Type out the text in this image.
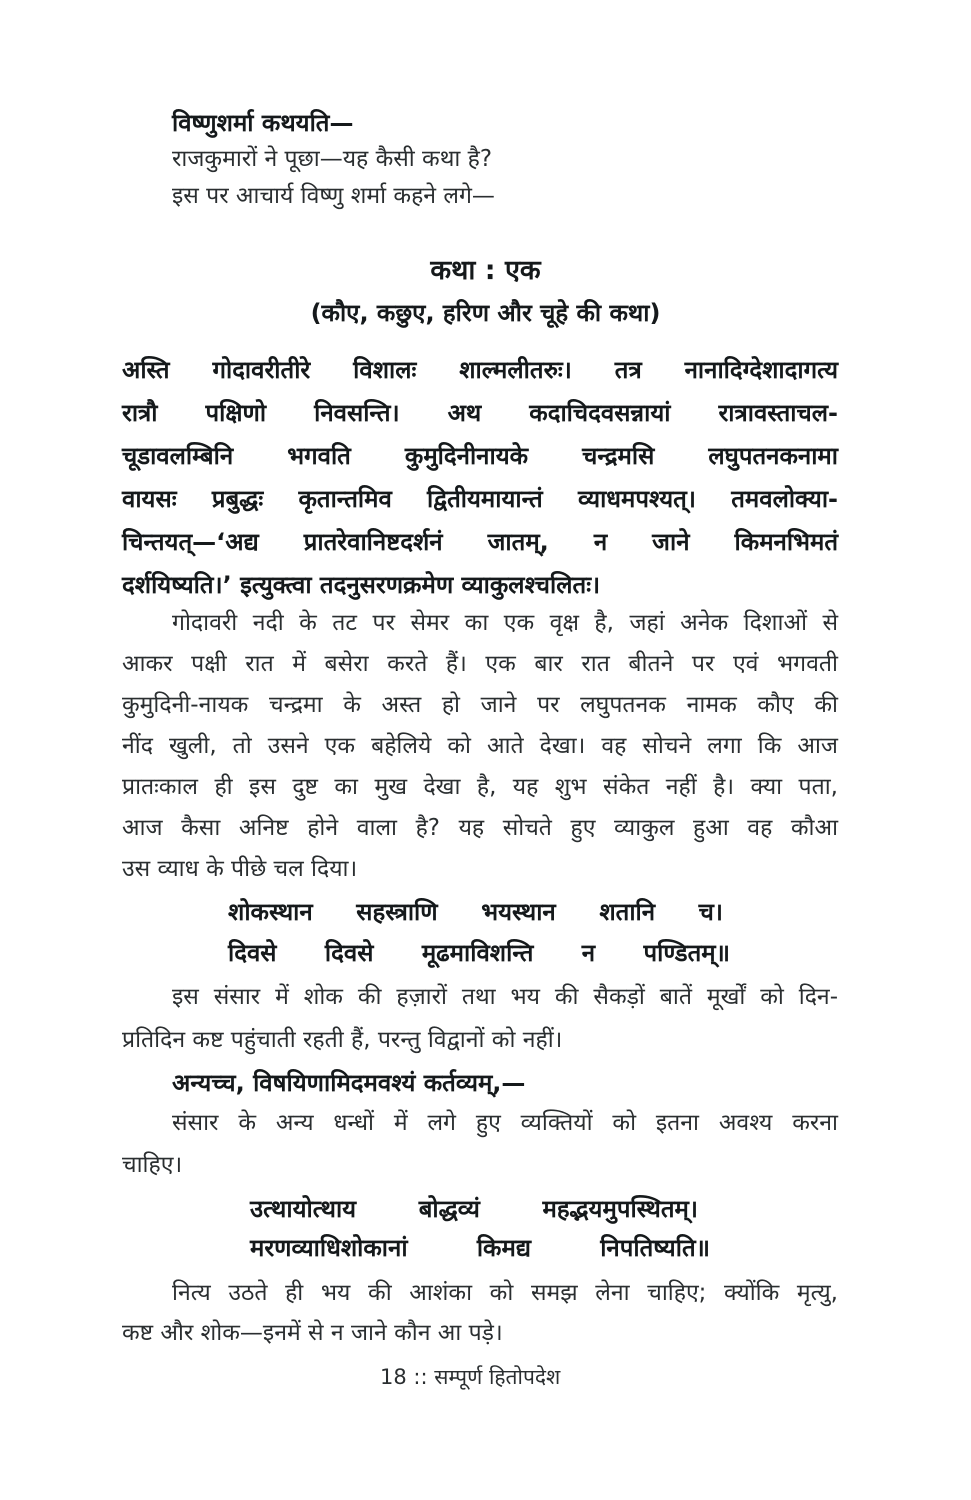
विष्णुशर्मा कथयति—
राजकुमारों ने पूछा—यह कैसी कथा है?
इस पर आचार्य विष्णु शर्मा कहने लगे—
कथा : एक
(कौए, कछुए, हरिण और चूहे की कथा)
अस्ति गोदावरीतीरे विशालः शाल्मलीतरुः। तत्र नानादिग्देशादागत्य
रात्रौ पक्षिणो निवसन्ति। अथ कदाचिदवसन्नायां रात्रावस्ताचल-
चूडावलम्बिनि भगवति कुमुदिनीनायके चन्द्रमसि लघुपतनकनामा
वायसः प्रबुद्धः कृतान्तमिव द्वितीयमायान्तं व्याधमपश्यत्। तमवलोक्या-
चिन्तयत्—‘अद्य प्रातरेवानिष्टदर्शनं जातम्, न जाने किमनभिमतं
दर्शयिष्यति।’ इत्युक्त्वा तदनुसरणक्रमेण व्याकुलश्चलितः।
गोदावरी नदी के तट पर सेमर का एक वृक्ष है, जहां अनेक दिशाओं से
आकर पक्षी रात में बसेरा करते हैं। एक बार रात बीतने पर एवं भगवती
कुमुदिनी-नायक चन्द्रमा के अस्त हो जाने पर लघुपतनक नामक कौए की
नींद खुली, तो उसने एक बहेलिये को आते देखा। वह सोचने लगा कि आज
प्रातःकाल ही इस दुष्ट का मुख देखा है, यह शुभ संकेत नहीं है। क्या पता,
आज कैसा अनिष्ट होने वाला है? यह सोचते हुए व्याकुल हुआ वह कौआ
उस व्याध के पीछे चल दिया।
शोकस्थान सहस्त्राणि भयस्थान शतानि च।
दिवसे दिवसे मूढमाविशन्ति न पण्डितम्॥
इस संसार में शोक की हज़ारों तथा भय की सैकड़ों बातें मूर्खों को दिन-
प्रतिदिन कष्ट पहुंचाती रहती हैं, परन्तु विद्वानों को नहीं।
अन्यच्च, विषयिणामिदमवश्यं कर्तव्यम्,—
संसार के अन्य धन्धों में लगे हुए व्यक्तियों को इतना अवश्य करना
चाहिए।
उत्थायोत्थाय बोद्धव्यं महद्भयमुपस्थितम्।
मरणव्याधिशोकानां किमद्य निपतिष्यति॥
नित्य उठते ही भय की आशंका को समझ लेना चाहिए; क्योंकि मृत्यु,
कष्ट और शोक—इनमें से न जाने कौन आ पड़े।
18 :: सम्पूर्ण हितोपदेश
